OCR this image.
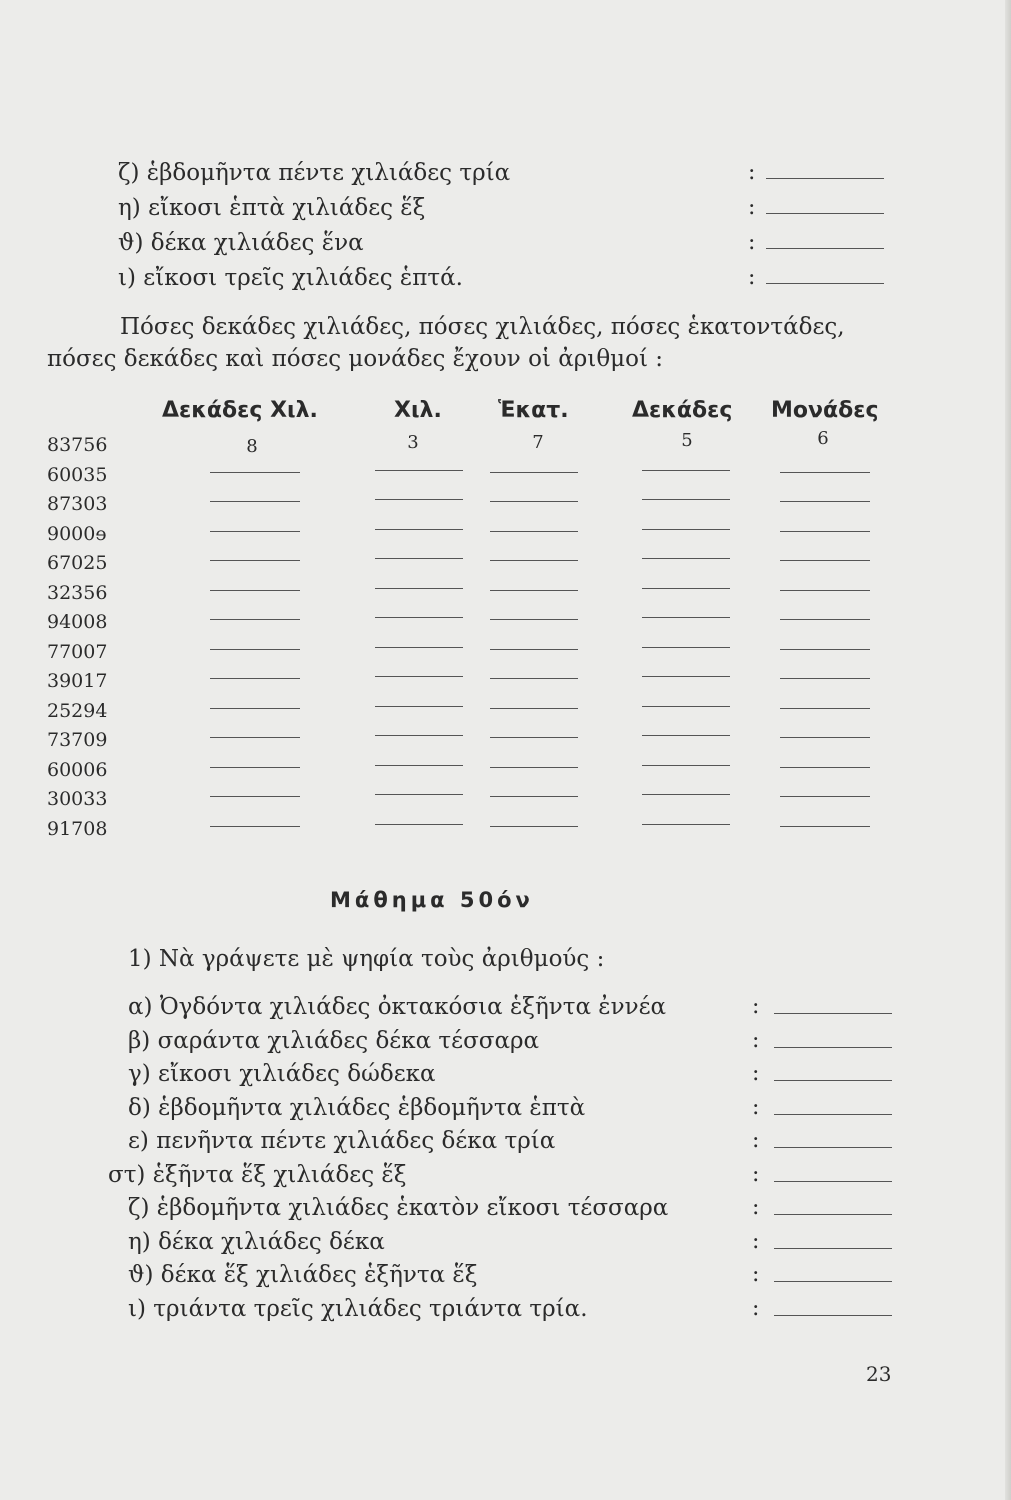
ζ) ἑβδομῆντα πέντε χιλιάδες τρία	:
η) εἴκοσι ἑπτὰ χιλιάδες ἕξ	:
ϑ) δέκα χιλιάδες ἕνα	:
ι) εἴκοσι τρεῖς χιλιάδες ἑπτά.	:
Πόσες δεκάδες χιλιάδες, πόσες χιλιάδες, πόσες ἑκατοντάδες,
πόσες δεκάδες καὶ πόσες μονάδες ἔχουν οἱ ἀριθμοί :
Δεκάδες Χιλ.	Χιλ.	Ἑκατ.	Δεκάδες Μονάδες
83756	8	3	7	5	6
60035
87303
9000ɘ
67025
32356
94008
77007
39017
25294
73709
60006
30033
91708
Μάθημα 50όν
1) Νὰ γράψετε μὲ ψηφία τοὺς ἀριθμούς :
α) Ὀγδόντα χιλιάδες ὀκτακόσια ἑξῆντα ἐννέα	:
β) σαράντα χιλιάδες δέκα τέσσαρα	:
γ) εἴκοσι χιλιάδες δώδεκα	:
δ) ἑβδομῆντα χιλιάδες ἑβδομῆντα ἑπτὰ	:
ε) πενῆντα πέντε χιλιάδες δέκα τρία	:
στ) ἑξῆντα ἕξ χιλιάδες ἕξ	:
ζ) ἑβδομῆντα χιλιάδες ἑκατὸν εἴκοσι τέσσαρα	:
η) δέκα χιλιάδες δέκα	:
ϑ) δέκα ἕξ χιλιάδες ἑξῆντα ἕξ	:
ι) τριάντα τρεῖς χιλιάδες τριάντα τρία.	:
23
